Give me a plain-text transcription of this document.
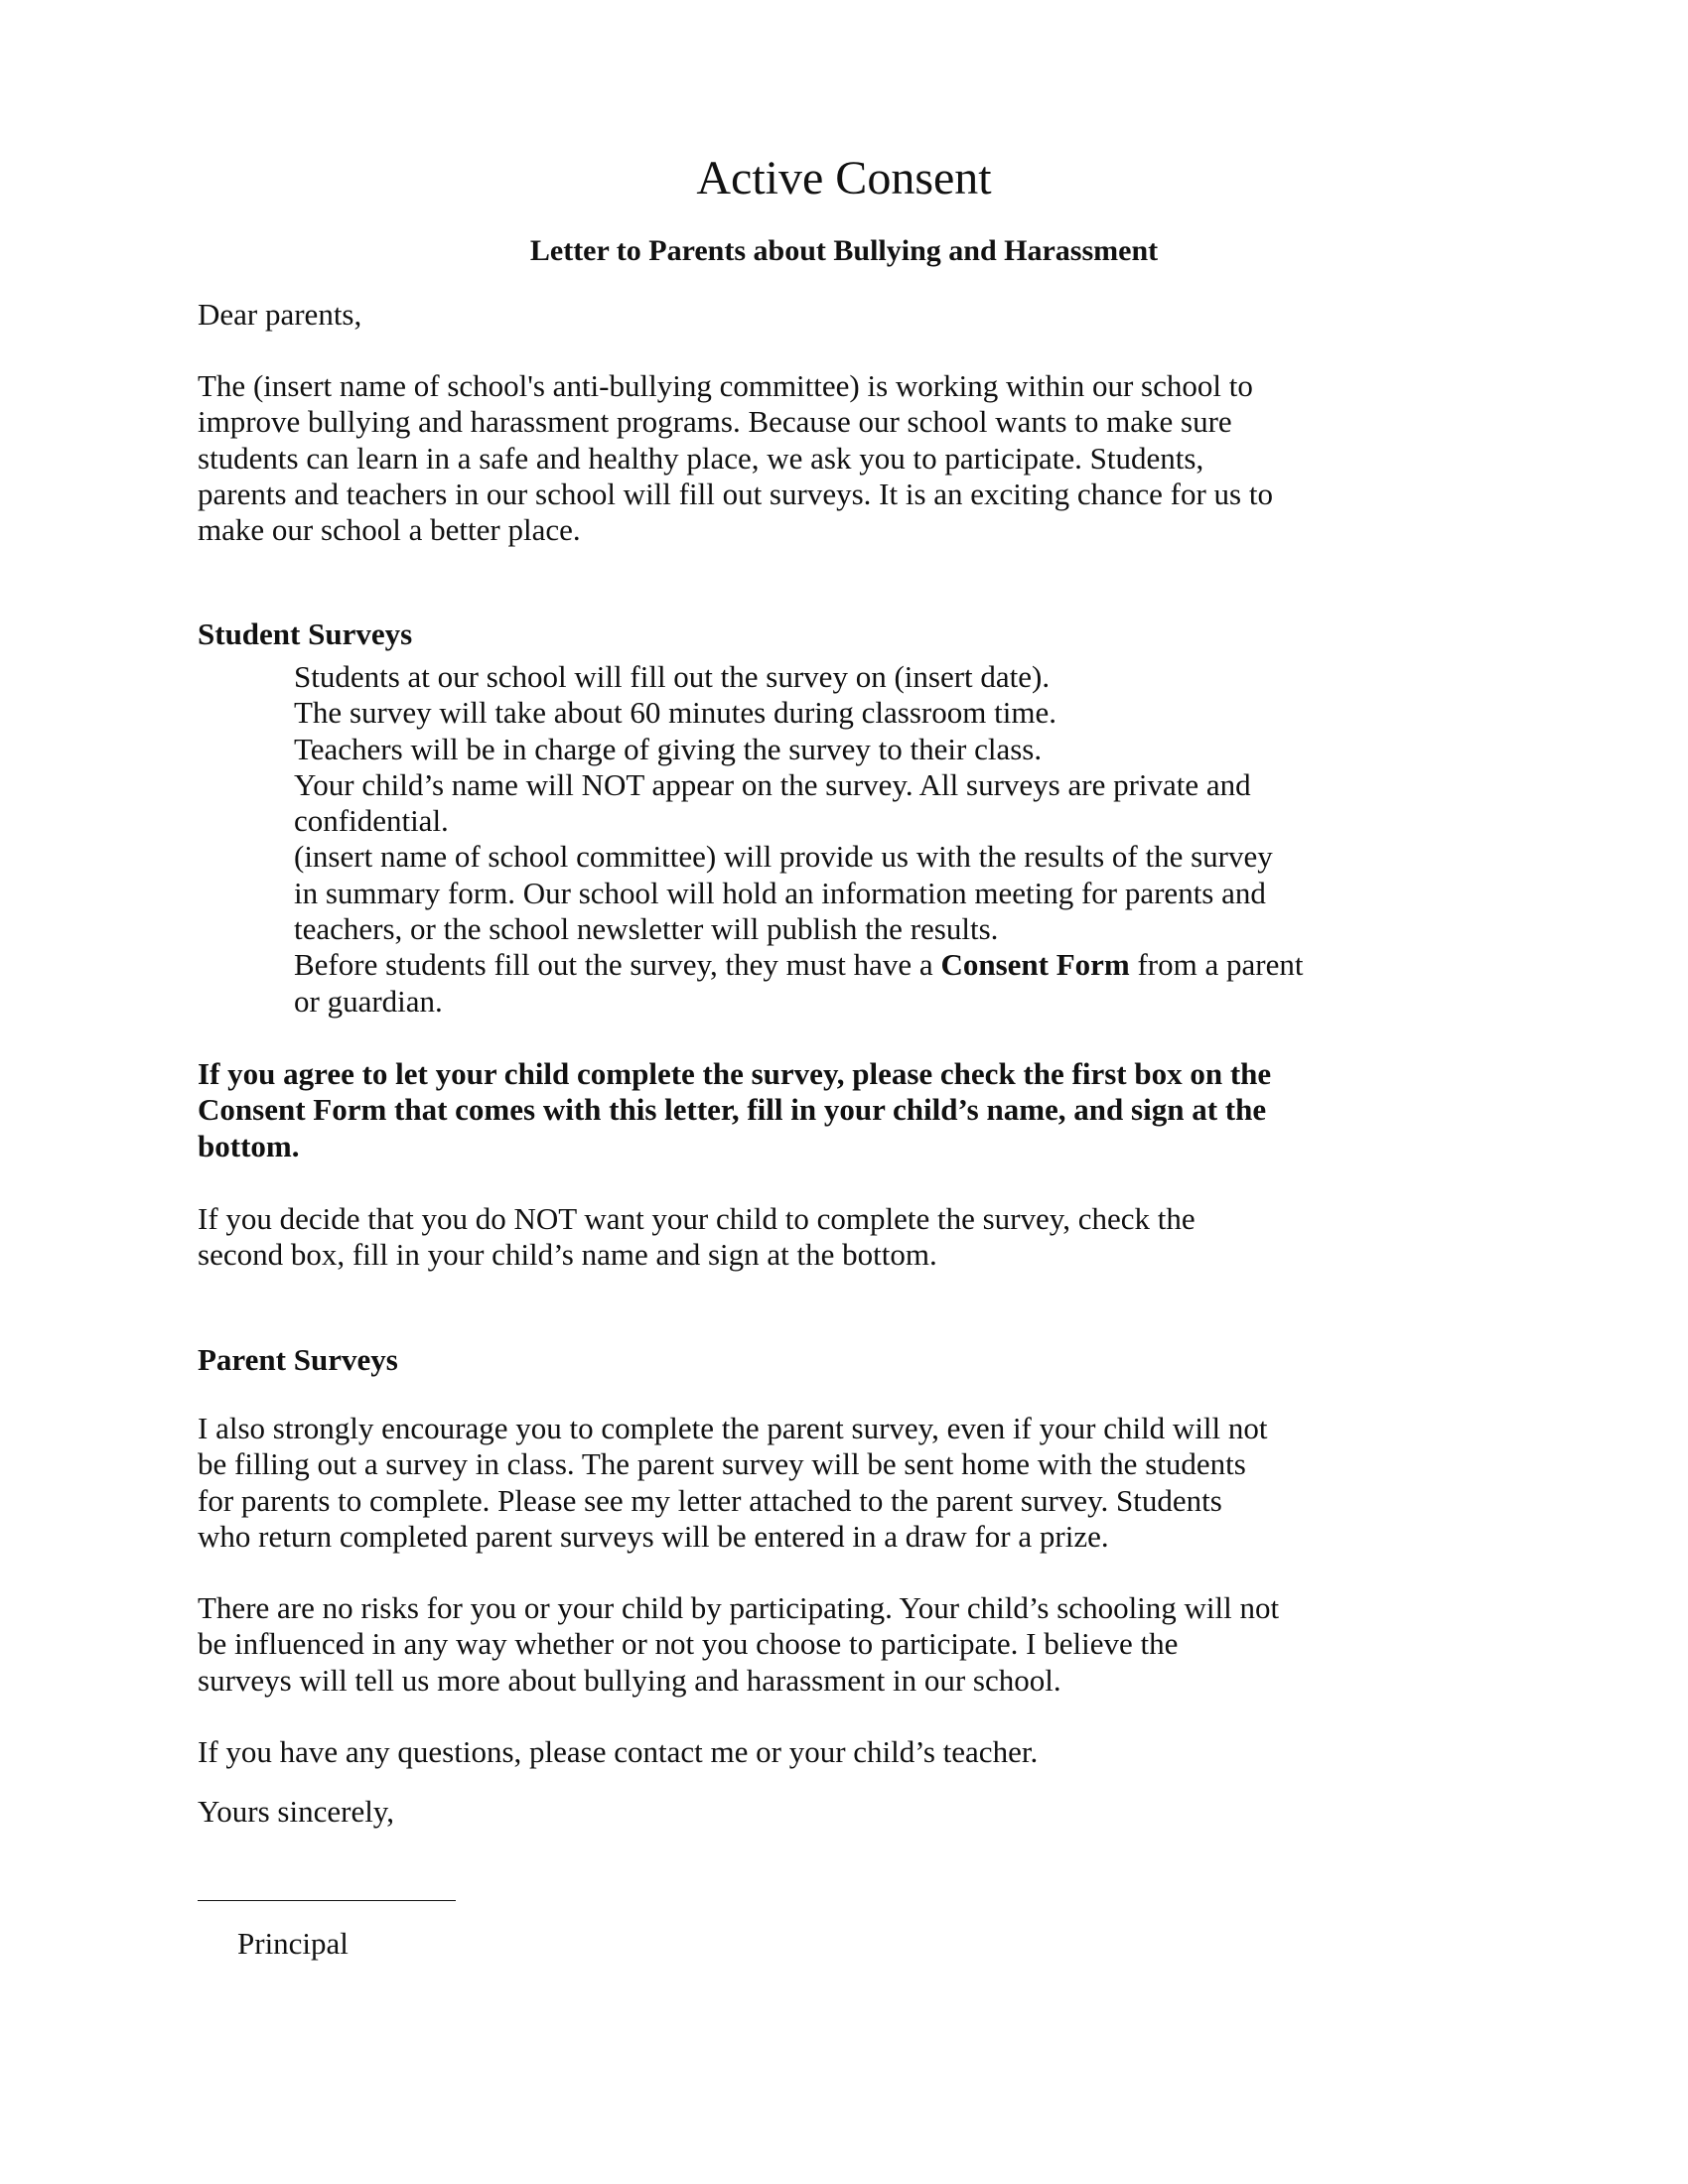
Active Consent
Letter to Parents about Bullying and Harassment
Dear parents,
The (insert name of school's anti-bullying committee) is working within our school to
improve bullying and harassment programs. Because our school wants to make sure
students can learn in a safe and healthy place, we ask you to participate. Students,
parents and teachers in our school will fill out surveys. It is an exciting chance for us to
make our school a better place.
Student Surveys
Students at our school will fill out the survey on (insert date).
The survey will take about 60 minutes during classroom time.
Teachers will be in charge of giving the survey to their class.
Your child’s name will NOT appear on the survey. All surveys are private and
confidential.
(insert name of school committee) will provide us with the results of the survey
in summary form. Our school will hold an information meeting for parents and
teachers, or the school newsletter will publish the results.
Before students fill out the survey, they must have a Consent Form from a parent
or guardian.
If you agree to let your child complete the survey, please check the first box on the
Consent Form that comes with this letter, fill in your child’s name, and sign at the
bottom.
If you decide that you do NOT want your child to complete the survey, check the
second box, fill in your child’s name and sign at the bottom.
Parent Surveys
I also strongly encourage you to complete the parent survey, even if your child will not
be filling out a survey in class. The parent survey will be sent home with the students
for parents to complete. Please see my letter attached to the parent survey. Students
who return completed parent surveys will be entered in a draw for a prize.
There are no risks for you or your child by participating. Your child’s schooling will not
be influenced in any way whether or not you choose to participate. I believe the
surveys will tell us more about bullying and harassment in our school.
If you have any questions, please contact me or your child’s teacher.
Yours sincerely,
Principal
